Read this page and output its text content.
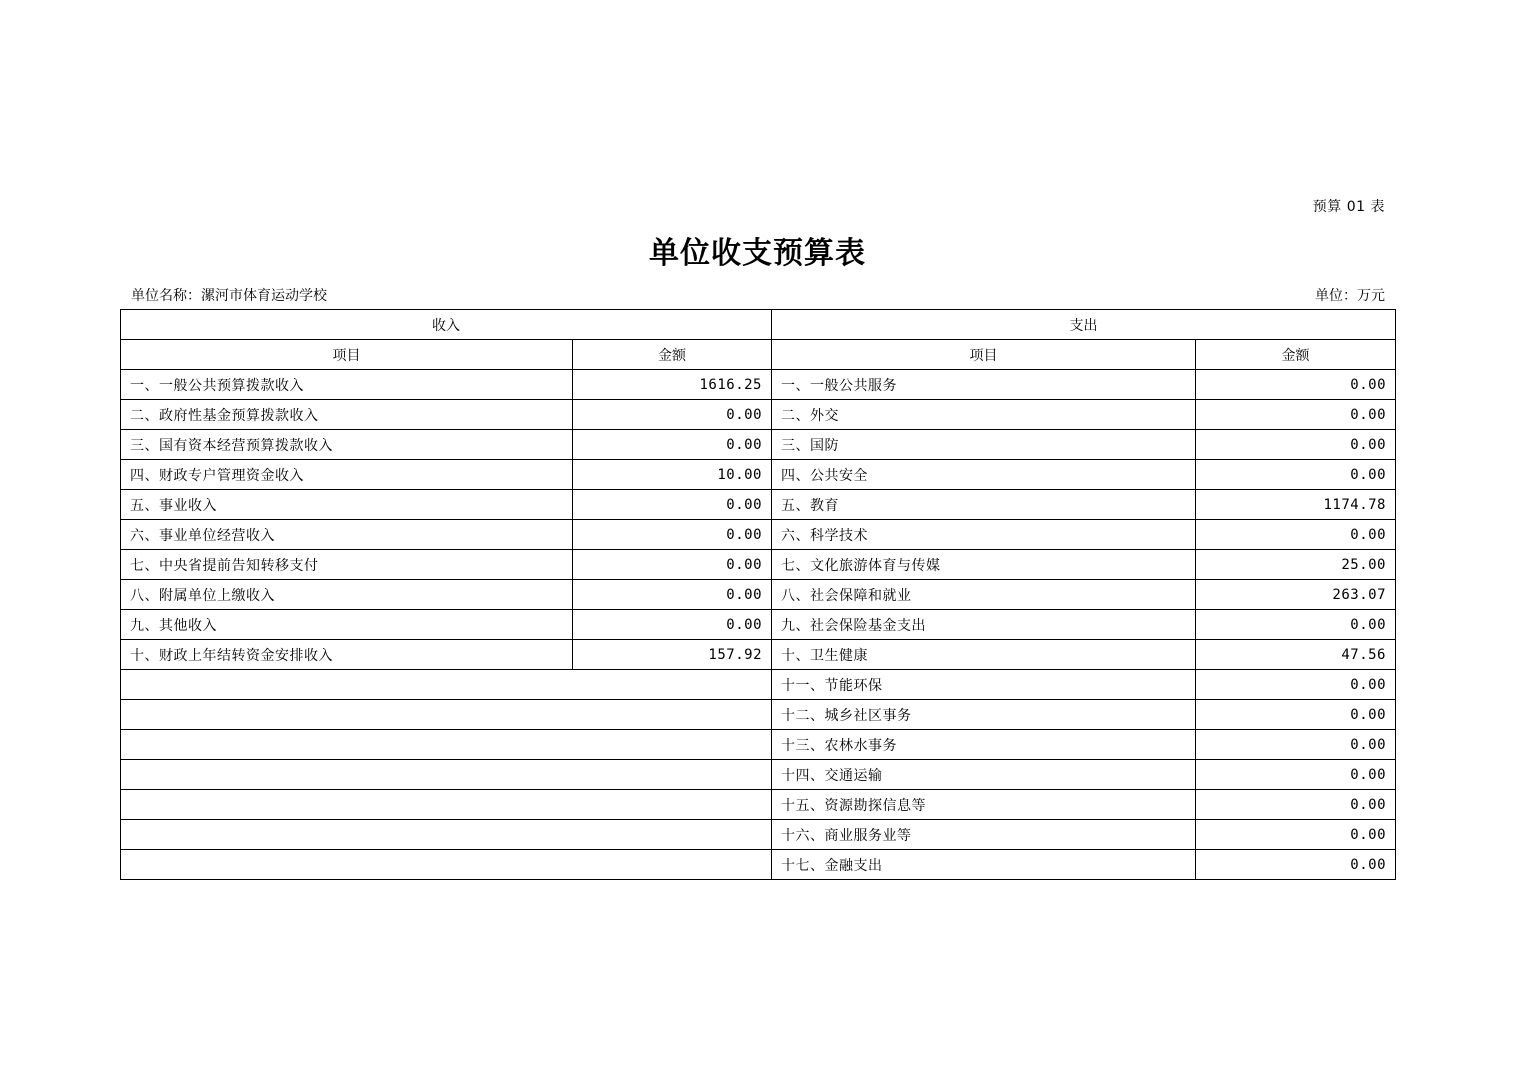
预算 01 表
单位收支预算表
单位名称：漯河市体育运动学校	单位：万元
收入		支出	
项目	金额	项目	金额
一、一般公共预算拨款收入	1616.25	一、一般公共服务	0.00
二、政府性基金预算拨款收入	0.00	二、外交	0.00
三、国有资本经营预算拨款收入	0.00	三、国防	0.00
四、财政专户管理资金收入	10.00	四、公共安全	0.00
五、事业收入	0.00	五、教育	1174.78
六、事业单位经营收入	0.00	六、科学技术	0.00
七、中央省提前告知转移支付	0.00	七、文化旅游体育与传媒	25.00
八、附属单位上缴收入	0.00	八、社会保障和就业	263.07
九、其他收入	0.00	九、社会保险基金支出	0.00
十、财政上年结转资金安排收入	157.92	十、卫生健康	47.56
		十一、节能环保	0.00
		十二、城乡社区事务	0.00
		十三、农林水事务	0.00
		十四、交通运输	0.00
		十五、资源勘探信息等	0.00
		十六、商业服务业等	0.00
		十七、金融支出	0.00
